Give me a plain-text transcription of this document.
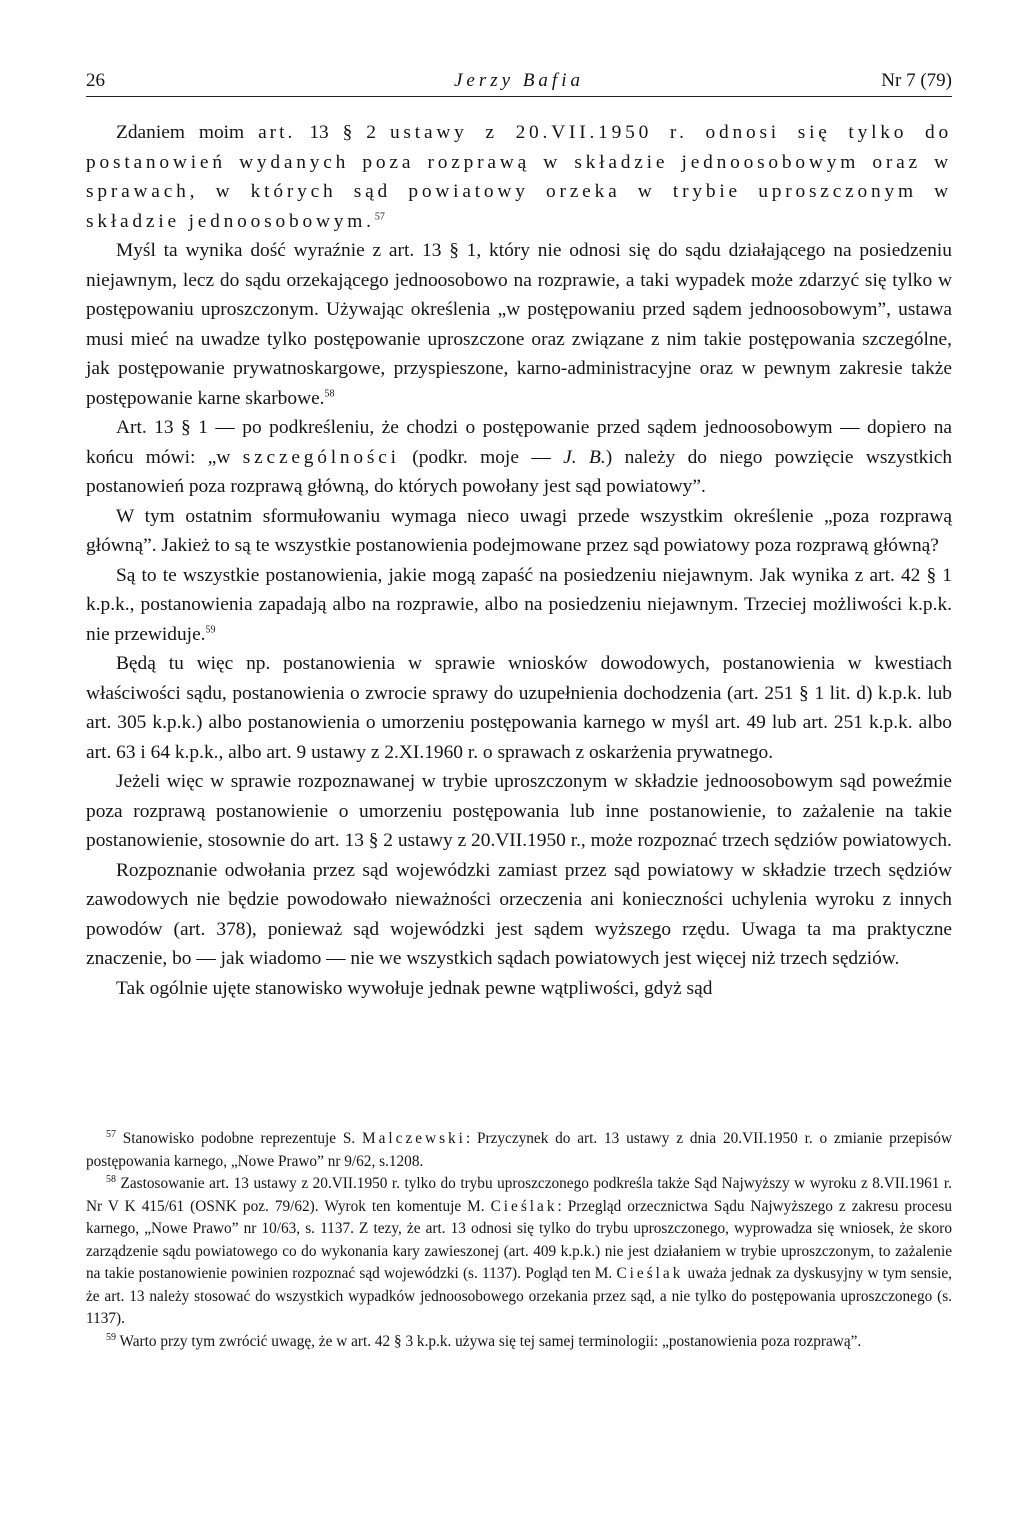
26	Jerzy Bafia	Nr 7 (79)

Zdaniem moim art. 13 § 2 ustawy z 20.VII.1950 r. odnosi się tylko do postanowień wydanych poza rozprawą w składzie jednoosobowym oraz w sprawach, w których sąd powiatowy orzeka w trybie uproszczonym w składzie jednoosobowym.$^{57}$

Myśl ta wynika dość wyraźnie z art. 13 § 1, który nie odnosi się do sądu działającego na posiedzeniu niejawnym, lecz do sądu orzekającego jednoosobowo na rozprawie, a taki wypadek może zdarzyć się tylko w postępowaniu uproszczonym. Używając określenia „w postępowaniu przed sądem jednoosobowym”, ustawa musi mieć na uwadze tylko postępowanie uproszczone oraz związane z nim takie postępowania szczególne, jak postępowanie prywatnoskargowe, przyspieszone, karno-administracyjne oraz w pewnym zakresie także postępowanie karne skarbowe.$^{58}$

Art. 13 § 1 — po podkreśleniu, że chodzi o postępowanie przed sądem jednoosobowym — dopiero na końcu mówi: „w szczególności (podkr. moje — J. B.) należy do niego powzięcie wszystkich postanowień poza rozprawą główną, do których powołany jest sąd powiatowy”.

W tym ostatnim sformułowaniu wymaga nieco uwagi przede wszystkim określenie „poza rozprawą główną”. Jakież to są te wszystkie postanowienia podejmowane przez sąd powiatowy poza rozprawą główną?

Są to te wszystkie postanowienia, jakie mogą zapaść na posiedzeniu niejawnym. Jak wynika z art. 42 § 1 k.p.k., postanowienia zapadają albo na rozprawie, albo na posiedzeniu niejawnym. Trzeciej możliwości k.p.k. nie przewiduje.$^{59}$

Będą tu więc np. postanowienia w sprawie wniosków dowodowych, postanowienia w kwestiach właściwości sądu, postanowienia o zwrocie sprawy do uzupełnienia dochodzenia (art. 251 § 1 lit. d) k.p.k. lub art. 305 k.p.k.) albo postanowienia o umorzeniu postępowania karnego w myśl art. 49 lub art. 251 k.p.k. albo art. 63 i 64 k.p.k., albo art. 9 ustawy z 2.XI.1960 r. o sprawach z oskarżenia prywatnego.

Jeżeli więc w sprawie rozpoznawanej w trybie uproszczonym w składzie jednoosobowym sąd poweźmie poza rozprawą postanowienie o umorzeniu postępowania lub inne postanowienie, to zażalenie na takie postanowienie, stosownie do art. 13 § 2 ustawy z 20.VII.1950 r., może rozpoznać trzech sędziów powiatowych.

Rozpoznanie odwołania przez sąd wojewódzki zamiast przez sąd powiatowy w składzie trzech sędziów zawodowych nie będzie powodowało nieważności orzeczenia ani konieczności uchylenia wyroku z innych powodów (art. 378), ponieważ sąd wojewódzki jest sądem wyższego rzędu. Uwaga ta ma praktyczne znaczenie, bo — jak wiadomo — nie we wszystkich sądach powiatowych jest więcej niż trzech sędziów.

Tak ogólnie ujęte stanowisko wywołuje jednak pewne wątpliwości, gdyż sąd

$^{57}$ Stanowisko podobne reprezentuje S. Malczewski: Przyczynek do art. 13 ustawy z dnia 20.VII.1950 r. o zmianie przepisów postępowania karnego, „Nowe Prawo” nr 9/62, s.1208.

$^{58}$ Zastosowanie art. 13 ustawy z 20.VII.1950 r. tylko do trybu uproszczonego podkreśla także Sąd Najwyższy w wyroku z 8.VII.1961 r. Nr V K 415/61 (OSNK poz. 79/62). Wyrok ten komentuje M. Cieślak: Przegląd orzecznictwa Sądu Najwyższego z zakresu procesu karnego, „Nowe Prawo” nr 10/63, s. 1137. Z tezy, że art. 13 odnosi się tylko do trybu uproszczonego, wyprowadza się wniosek, że skoro zarządzenie sądu powiatowego co do wykonania kary zawieszonej (art. 409 k.p.k.) nie jest działaniem w trybie uproszczonym, to zażalenie na takie postanowienie powinien rozpoznać sąd wojewódzki (s. 1137). Pogląd ten M. Cieślak uważa jednak za dyskusyjny w tym sensie, że art. 13 należy stosować do wszystkich wypadków jednoosobowego orzekania przez sąd, a nie tylko do postępowania uproszczonego (s. 1137).

$^{59}$ Warto przy tym zwrócić uwagę, że w art. 42 § 3 k.p.k. używa się tej samej terminologii: „postanowienia poza rozprawą”.
